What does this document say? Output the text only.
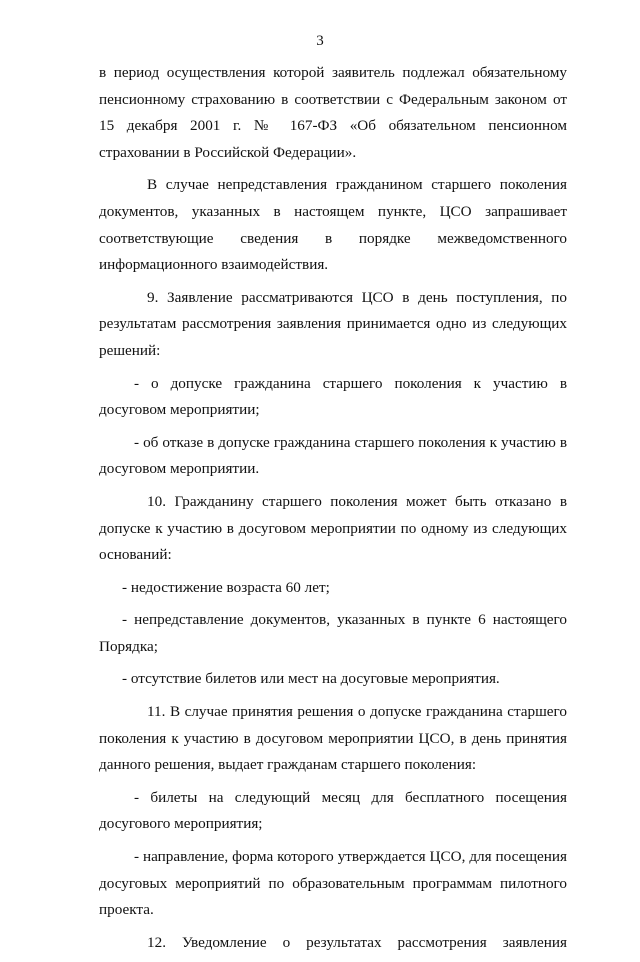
3

в период осуществления которой заявитель подлежал обязательному пенсионному страхованию в соответствии с Федеральным законом от 15 декабря 2001 г. № 167-ФЗ «Об обязательном пенсионном страховании в Российской Федерации».

В случае непредставления гражданином старшего поколения документов, указанных в настоящем пункте, ЦСО запрашивает соответствующие сведения в порядке межведомственного информационного взаимодействия.

9. Заявление рассматриваются ЦСО в день поступления, по результатам рассмотрения заявления принимается одно из следующих решений:

- о допуске гражданина старшего поколения к участию в досуговом мероприятии;

- об отказе в допуске гражданина старшего поколения к участию в досуговом мероприятии.

10. Гражданину старшего поколения может быть отказано в допуске к участию в досуговом мероприятии по одному из следующих оснований:

- недостижение возраста 60 лет;

- непредставление документов, указанных в пункте 6 настоящего Порядка;

- отсутствие билетов или мест на досуговые мероприятия.

11. В случае принятия решения о допуске гражданина старшего поколения к участию в досуговом мероприятии ЦСО, в день принятия данного решения, выдает гражданам старшего поколения:

- билеты на следующий месяц для бесплатного посещения досугового мероприятия;

- направление, форма которого утверждается ЦСО, для посещения досуговых мероприятий по образовательным программам пилотного проекта.

12. Уведомление о результатах рассмотрения заявления
